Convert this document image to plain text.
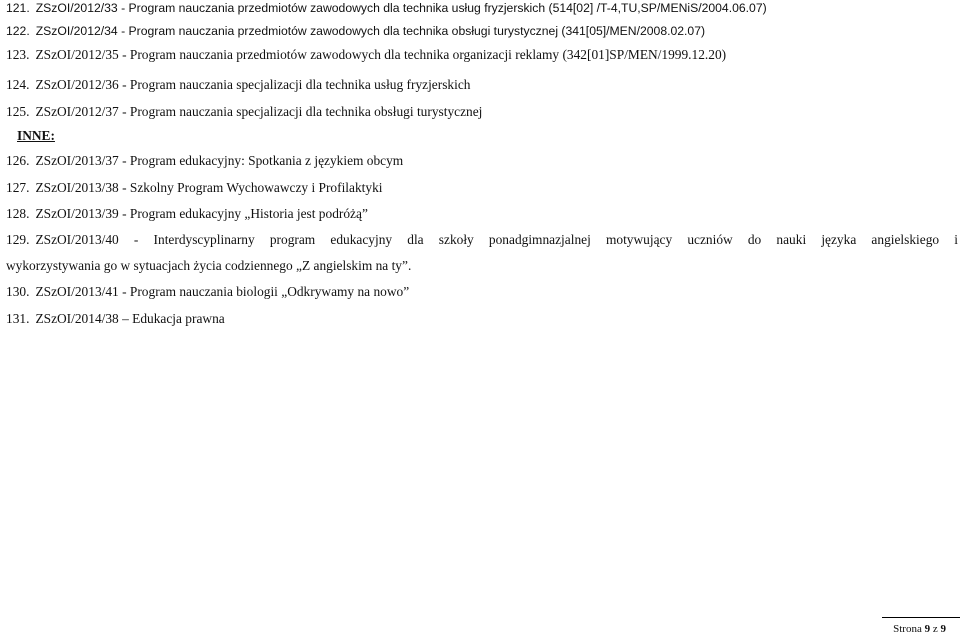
121. ZSzOI/2012/33 - Program nauczania przedmiotów zawodowych dla technika usług fryzjerskich (514[02] /T-4,TU,SP/MENiS/2004.06.07)
122. ZSzOI/2012/34 - Program nauczania przedmiotów zawodowych dla technika obsługi turystycznej (341[05]/MEN/2008.02.07)
123. ZSzOI/2012/35 - Program nauczania przedmiotów zawodowych dla technika organizacji reklamy (342[01]SP/MEN/1999.12.20)
124. ZSzOI/2012/36 - Program nauczania specjalizacji dla technika usług fryzjerskich
125. ZSzOI/2012/37 - Program nauczania specjalizacji dla technika obsługi turystycznej
INNE:
126. ZSzOI/2013/37 - Program edukacyjny: Spotkania z językiem obcym
127. ZSzOI/2013/38 - Szkolny Program Wychowawczy i Profilaktyki
128. ZSzOI/2013/39 - Program edukacyjny „Historia jest podróżą”
129. ZSzOI/2013/40 - Interdyscyplinarny program edukacyjny dla szkoły ponadgimnazjalnej motywujący uczniów do nauki języka angielskiego i
wykorzystywania go w sytuacjach życia codziennego „Z angielskim na ty”.
130. ZSzOI/2013/41 - Program nauczania biologii „Odkrywamy na nowo”
131. ZSzOI/2014/38 – Edukacja prawna
Strona 9 z 9
